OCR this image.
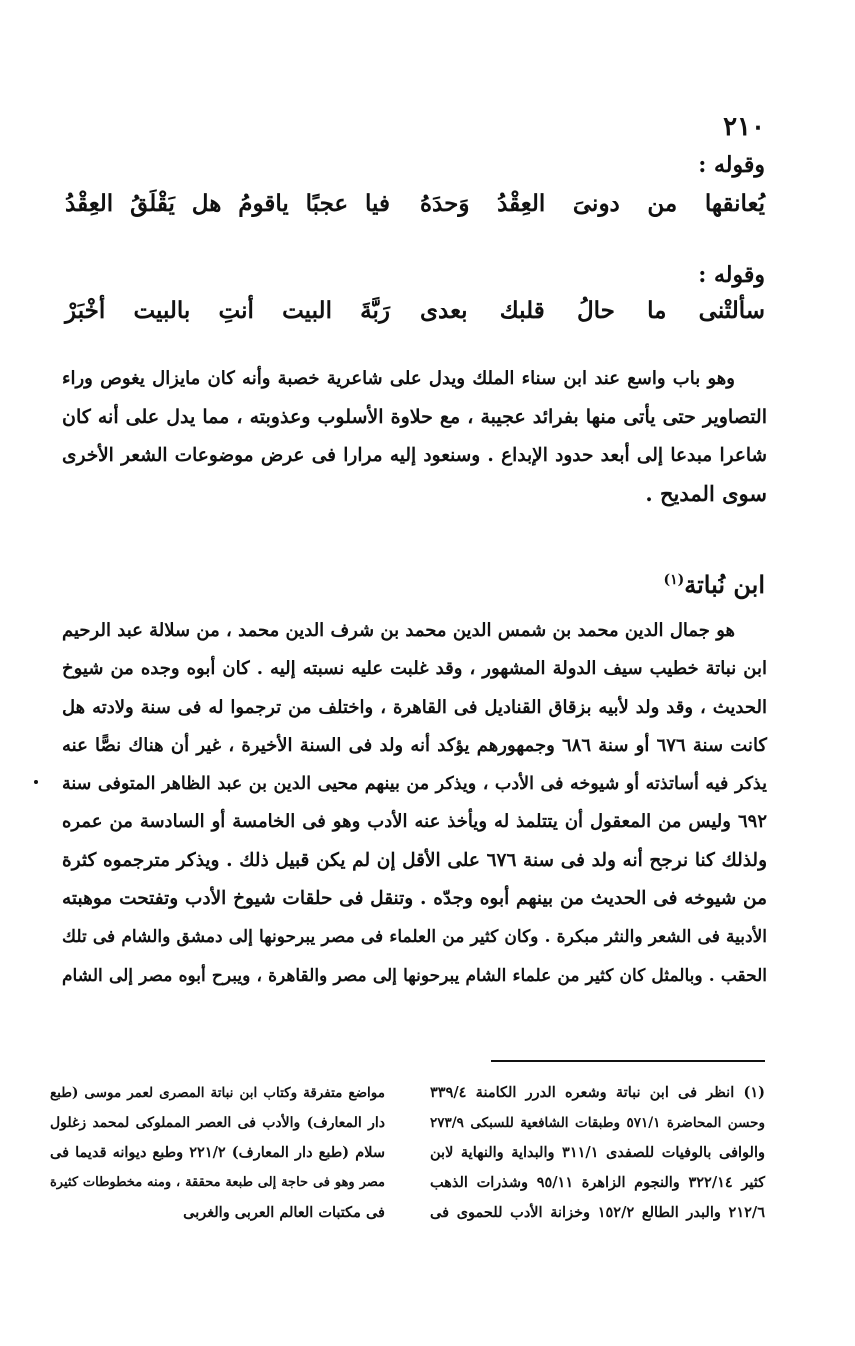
٢١٠
وقوله :
يُعانقها
من
دونىَ
العِقْدُ
وَحدَهُ
فيا
عجبًا
ياقومُ
هل
يَقْلَقُ
العِقْدُ
وقوله :
سألتْنى
ما
حالُ
قلبك
بعدى
رَبَّةَ
البيت
أنتِ
بالبيت
أخْبَرْ
وهو باب واسع عند ابن سناء الملك ويدل على شاعرية خصبة وأنه كان مايزال يغوص وراء
التصاوير حتى يأتى منها بفرائد عجيبة ، مع حلاوة الأسلوب وعذوبته ، مما يدل على أنه كان
شاعرا مبدعا إلى أبعد حدود الإبداع . وسنعود إليه مرارا فى عرض موضوعات الشعر الأخرى
سوى المديح .
ابن نُباتة$^{(١)}$
هو جمال الدين محمد بن شمس الدين محمد بن شرف الدين محمد ، من سلالة عبد الرحيم
ابن نباتة خطيب سيف الدولة المشهور ، وقد غلبت عليه نسبته إليه . كان أبوه وجده من شيوخ
الحديث ، وقد ولد لأبيه بزقاق القناديل فى القاهرة ، واختلف من ترجموا له فى سنة ولادته هل
كانت سنة ٦٧٦ أو سنة ٦٨٦ وجمهورهم يؤكد أنه ولد فى السنة الأخيرة ، غير أن هناك نصًّا عنه
يذكر فيه أساتذته أو شيوخه فى الأدب ، ويذكر من بينهم محيى الدين بن عبد الظاهر المتوفى سنة
٦٩٢ وليس من المعقول أن يتتلمذ له ويأخذ عنه الأدب وهو فى الخامسة أو السادسة من عمره
ولذلك كنا نرجح أنه ولد فى سنة ٦٧٦ على الأقل إن لم يكن قبيل ذلك . ويذكر مترجموه كثرة
من شيوخه فى الحديث من بينهم أبوه وجدّه . وتنقل فى حلقات شيوخ الأدب وتفتحت موهبته
الأدبية فى الشعر والنثر مبكرة . وكان كثير من العلماء فى مصر يبرحونها إلى دمشق والشام فى تلك
الحقب . وبالمثل كان كثير من علماء الشام يبرحونها إلى مصر والقاهرة ، ويبرح أبوه مصر إلى الشام
(١) انظر فى ابن نباتة وشعره الدرر الكامنة ٣٣٩/٤
وحسن المحاضرة ٥٧١/١ وطبقات الشافعية للسبكى ٢٧٣/٩
والوافى بالوفيات للصفدى ٣١١/١ والبداية والنهاية لابن
كثير ٣٢٢/١٤ والنجوم الزاهرة ٩٥/١١ وشذرات الذهب
٢١٢/٦ والبدر الطالع ١٥٢/٢ وخزانة الأدب للحموى فى
مواضع متفرقة وكتاب ابن نباتة المصرى لعمر موسى (طبع
دار المعارف) والأدب فى العصر المملوكى لمحمد زغلول
سلام (طبع دار المعارف) ٢٢١/٢ وطبع ديوانه قديما فى
مصر وهو فى حاجة إلى طبعة محققة ، ومنه مخطوطات كثيرة
فى مكتبات العالم العربى والغربى
